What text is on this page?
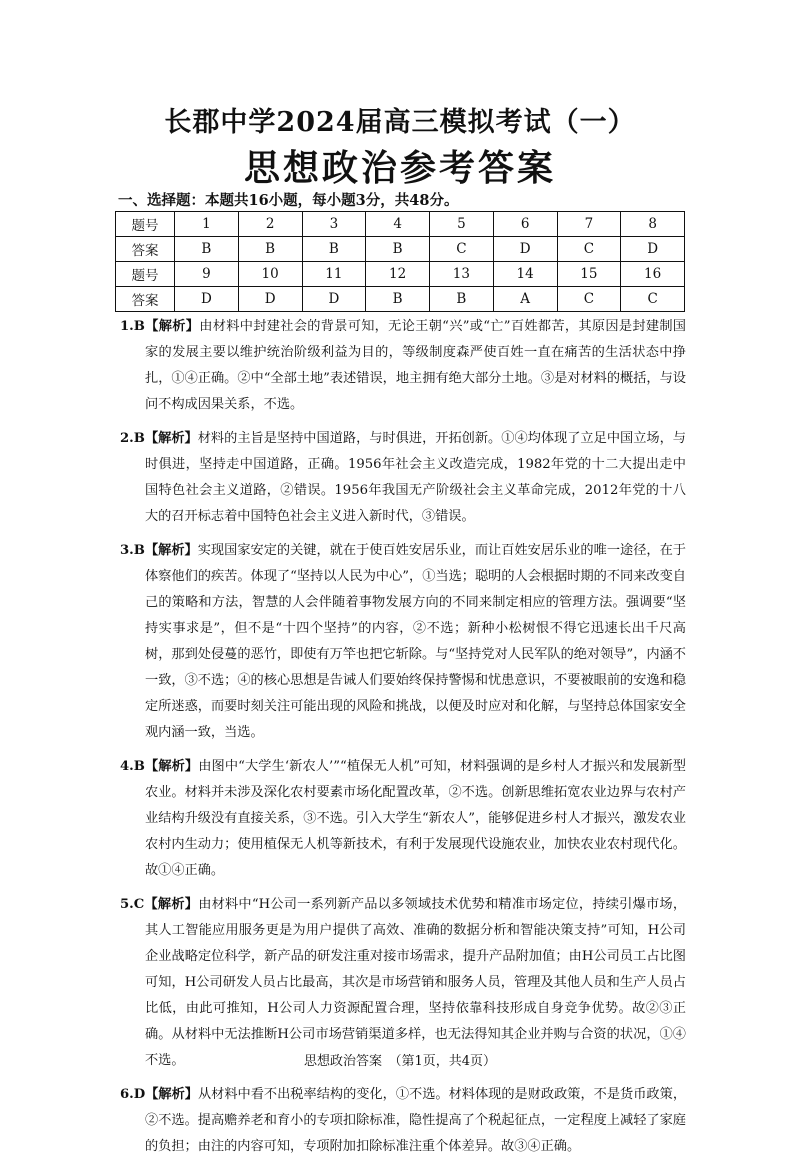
长郡中学2024届高三模拟考试（一）
思想政治参考答案
一、选择题：本题共16小题，每小题3分，共48分。
题号	1	2	3	4	5	6	7	8
答案	B	B	B	B	C	D	C	D
题号	9	10	11	12	13	14	15	16
答案	D	D	D	B	B	A	C	C
1.B【解析】由材料中封建社会的背景可知，无论王朝“兴”或“亡”百姓都苦，其原因是封建制国家的发展主要以维护统治阶级利益为目的，等级制度森严使百姓一直在痛苦的生活状态中挣扎，①④正确。②中“全部土地”表述错误，地主拥有绝大部分土地。③是对材料的概括，与设问不构成因果关系，不选。
2.B【解析】材料的主旨是坚持中国道路，与时俱进，开拓创新。①④均体现了立足中国立场，与时俱进，坚持走中国道路，正确。1956年社会主义改造完成，1982年党的十二大提出走中国特色社会主义道路，②错误。1956年我国无产阶级社会主义革命完成，2012年党的十八大的召开标志着中国特色社会主义进入新时代，③错误。
3.B【解析】实现国家安定的关键，就在于使百姓安居乐业，而让百姓安居乐业的唯一途径，在于体察他们的疾苦。体现了“坚持以人民为中心”，①当选；聪明的人会根据时期的不同来改变自己的策略和方法，智慧的人会伴随着事物发展方向的不同来制定相应的管理方法。强调要“坚持实事求是”，但不是“十四个坚持”的内容，②不选；新种小松树恨不得它迅速长出千尺高树，那到处侵蔓的恶竹，即使有万竿也把它斩除。与“坚持党对人民军队的绝对领导”，内涵不一致，③不选；④的核心思想是告诫人们要始终保持警惕和忧患意识，不要被眼前的安逸和稳定所迷惑，而要时刻关注可能出现的风险和挑战，以便及时应对和化解，与坚持总体国家安全观内涵一致，当选。
4.B【解析】由图中“大学生‘新农人’”“植保无人机”可知，材料强调的是乡村人才振兴和发展新型农业。材料并未涉及深化农村要素市场化配置改革，②不选。创新思维拓宽农业边界与农村产业结构升级没有直接关系，③不选。引入大学生“新农人”，能够促进乡村人才振兴，激发农业农村内生动力；使用植保无人机等新技术，有利于发展现代设施农业，加快农业农村现代化。故①④正确。
5.C【解析】由材料中“H公司一系列新产品以多领域技术优势和精准市场定位，持续引爆市场，其人工智能应用服务更是为用户提供了高效、准确的数据分析和智能决策支持”可知，H公司企业战略定位科学，新产品的研发注重对接市场需求，提升产品附加值；由H公司员工占比图可知，H公司研发人员占比最高，其次是市场营销和服务人员，管理及其他人员和生产人员占比低，由此可推知，H公司人力资源配置合理，坚持依靠科技形成自身竞争优势。故②③正确。从材料中无法推断H公司市场营销渠道多样，也无法得知其企业并购与合资的状况，①④不选。
6.D【解析】从材料中看不出税率结构的变化，①不选。材料体现的是财政政策，不是货币政策，②不选。提高赡养老和育小的专项扣除标准，隐性提高了个税起征点，一定程度上减轻了家庭的负担；由注的内容可知，专项附加扣除标准注重个体差异。故③④正确。
思想政治答案　（第1页，共4页）
